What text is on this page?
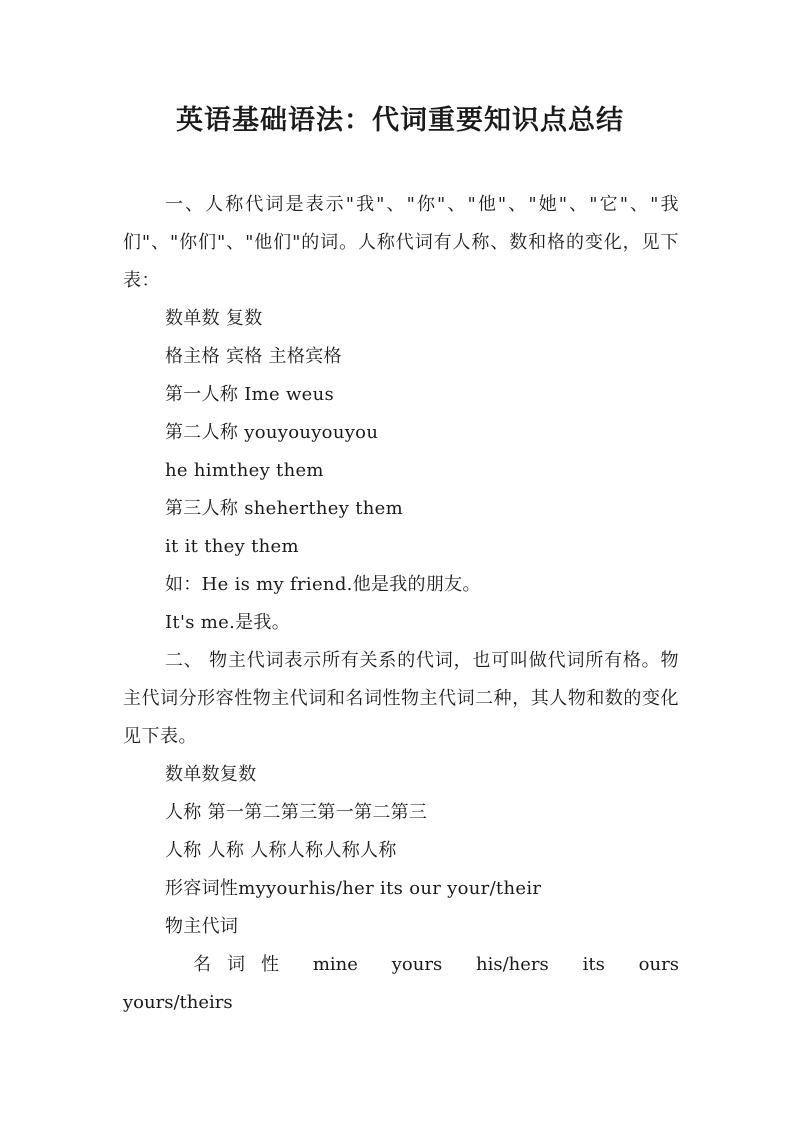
英语基础语法：代词重要知识点总结

一、人称代词是表示"我"、"你"、"他"、"她"、"它"、"我们"、"你们"、"他们"的词。人称代词有人称、数和格的变化，见下表：

数单数 复数

格主格 宾格 主格宾格

第一人称 Ime weus

第二人称 youyouyouyou

he himthey them

第三人称 sheherthey them

it it they them

如：He is my friend.他是我的朋友。

It's me.是我。

二、 物主代词表示所有关系的代词，也可叫做代词所有格。物主代词分形容性物主代词和名词性物主代词二种，其人物和数的变化见下表。

数单数复数

人称 第一第二第三第一第二第三

人称 人称 人称人称人称人称

形容词性myyourhis/her its our your/their

物主代词

名 词 性 mine yours his/hers its ours

yours/theirs
